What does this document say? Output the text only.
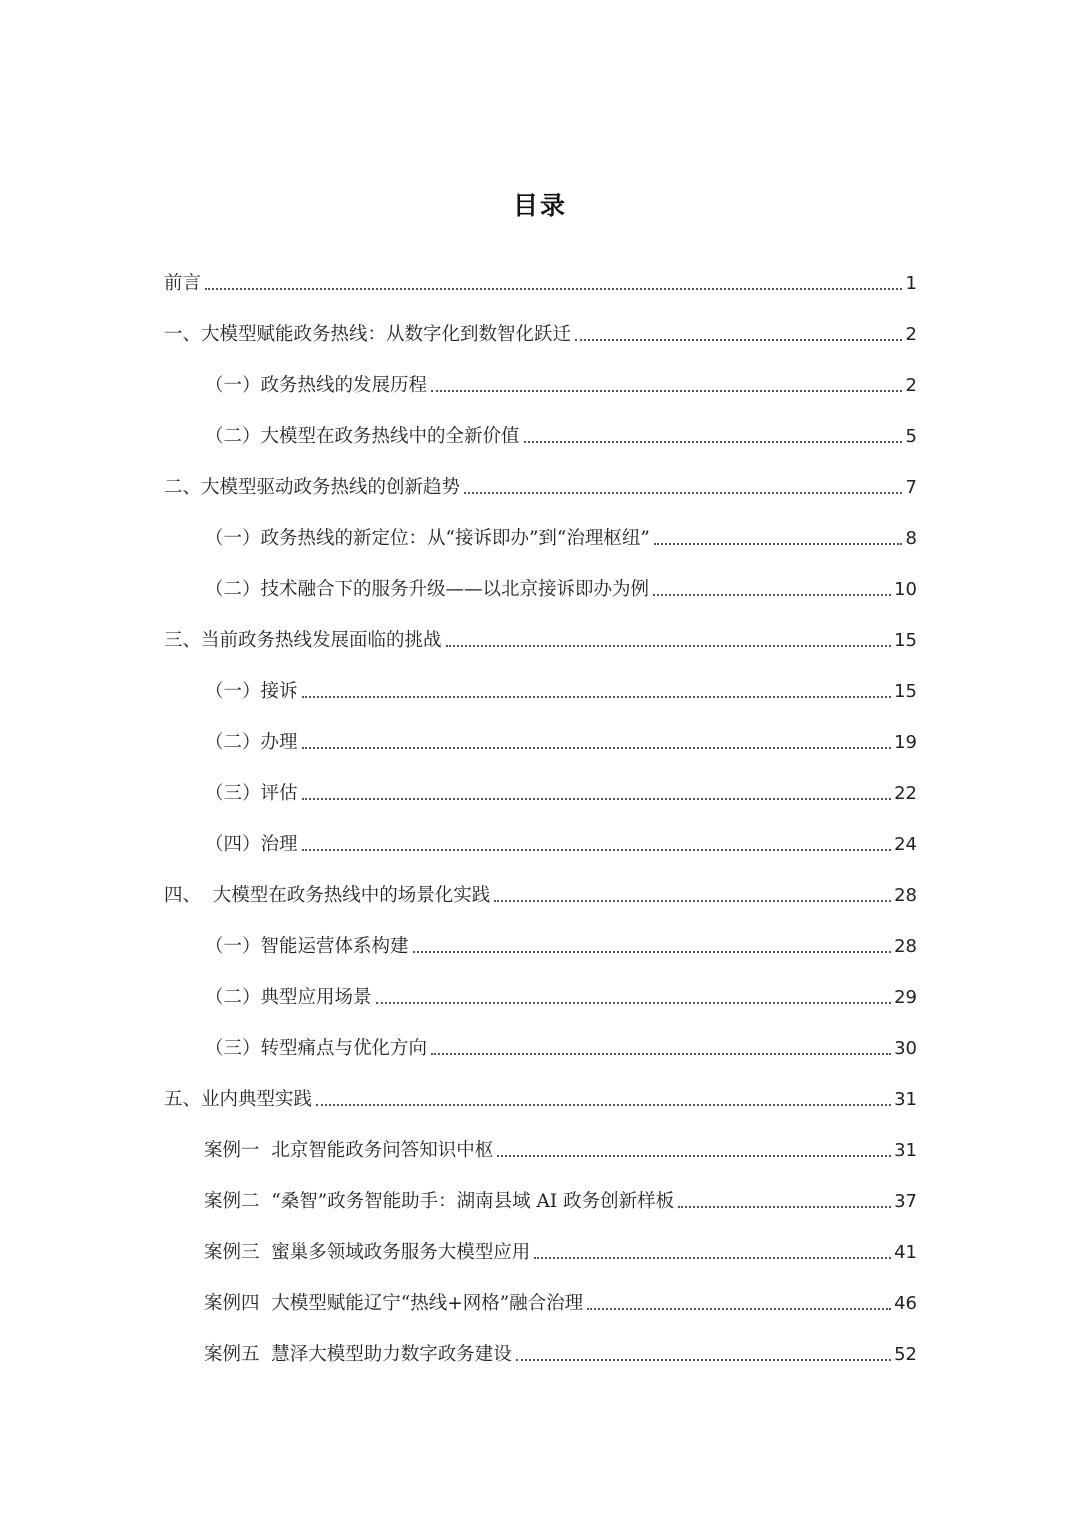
目录
前言	1
一、大模型赋能政务热线：从数字化到数智化跃迁	2
（一）政务热线的发展历程	2
（二）大模型在政务热线中的全新价值	5
二、大模型驱动政务热线的创新趋势	7
（一）政务热线的新定位：从“接诉即办”到“治理枢纽”	8
（二）技术融合下的服务升级——以北京接诉即办为例	10
三、当前政务热线发展面临的挑战	15
（一）接诉	15
（二）办理	19
（三）评估	22
（四）治理	24
四、  大模型在政务热线中的场景化实践	28
（一）智能运营体系构建	28
（二）典型应用场景	29
（三）转型痛点与优化方向	30
五、业内典型实践	31
案例一  北京智能政务问答知识中枢	31
案例二  “桑智”政务智能助手：湖南县域 AI 政务创新样板	37
案例三  蜜巢多领域政务服务大模型应用	41
案例四  大模型赋能辽宁“热线+网格”融合治理	46
案例五  慧泽大模型助力数字政务建设	52
